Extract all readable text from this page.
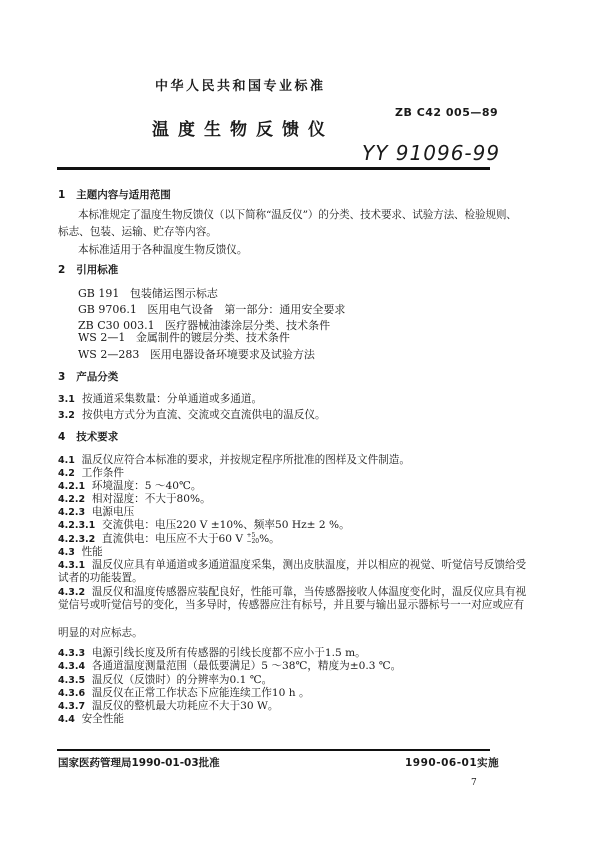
中华人民共和国专业标准
ZB C42 005—89
温度生物反馈仪
YY 91096-99
1 主题内容与适用范围
本标准规定了温度生物反馈仪（以下简称“温反仪”）的分类、技术要求、试验方法、检验规则、
标志、包装、运输、贮存等内容。
本标准适用于各种温度生物反馈仪。
2 引用标准
GB 191 包装储运图示标志
GB 9706.1 医用电气设备　第一部分：通用安全要求
ZB C30 003.1 医疗器械油漆涂层分类、技术条件
WS 2—1 金属制件的镀层分类、技术条件
WS 2—283 医用电器设备环境要求及试验方法
3 产品分类
3.1 按通道采集数量：分单通道或多通道。
3.2 按供电方式分为直流、交流或交直流供电的温反仪。
4 技术要求
4.1 温反仪应符合本标准的要求，并按规定程序所批准的图样及文件制造。
4.2 工作条件
4.2.1 环境温度：5 ～40℃。
4.2.2 相对湿度：不大于80%。
4.2.3 电源电压
4.2.3.1 交流供电：电压220 V ±10%、频率50 Hz± 2 %。
4.2.3.2 直流供电：电压应不大于60 V +5
−20 %。
4.3 性能
4.3.1 温反仪应具有单通道或多通道温度采集，测出皮肤温度，并以相应的视觉、听觉信号反馈给受
试者的功能装置。
4.3.2 温反仪和温度传感器应装配良好，性能可靠，当传感器接收人体温度变化时，温反仪应具有视
觉信号或听觉信号的变化，当多导时，传感器应注有标号，并且要与输出显示器标号一一对应或应有
明显的对应标志。
4.3.3 电源引线长度及所有传感器的引线长度都不应小于1.5 m。
4.3.4 各通道温度测量范围（最低要满足）5 ～38℃，精度为±0.3 ℃。
4.3.5 温反仪（反馈时）的分辨率为0.1 ℃。
4.3.6 温反仪在正常工作状态下应能连续工作10 h 。
4.3.7 温反仪的整机最大功耗应不大于30 W。
4.4 安全性能
国家医药管理局1990-01-03批准	1990-06-01实施
7
